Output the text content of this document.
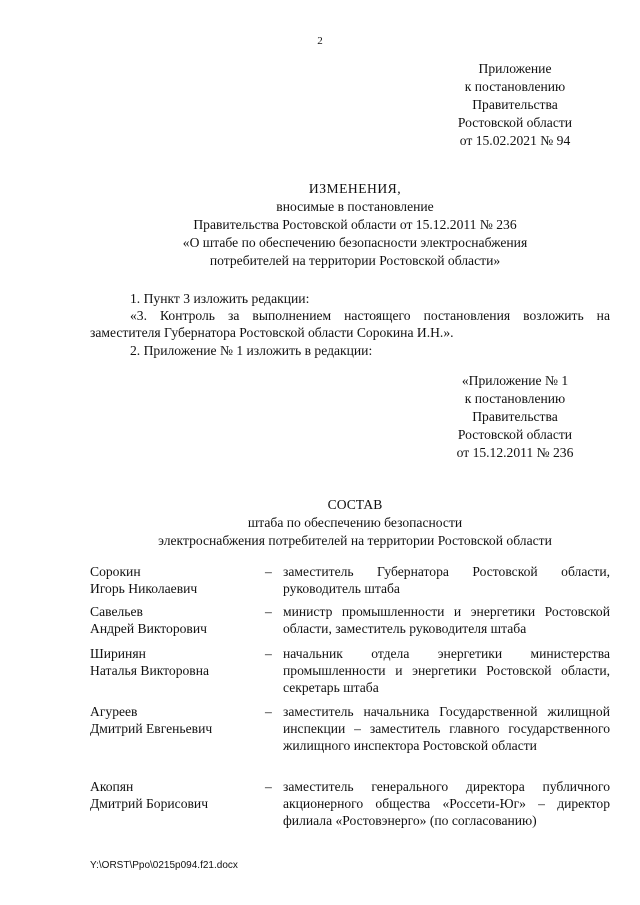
2
Приложение
к постановлению
Правительства
Ростовской области
от 15.02.2021 № 94
ИЗМЕНЕНИЯ,
вносимые в постановление
Правительства Ростовской области от 15.12.2011 № 236
«О штабе по обеспечению безопасности электроснабжения
потребителей на территории Ростовской области»
1. Пункт 3 изложить редакции:
«3. Контроль за выполнением настоящего постановления возложить на заместителя Губернатора Ростовской области Сорокина И.Н.».
2. Приложение № 1 изложить в редакции:
«Приложение № 1
к постановлению
Правительства
Ростовской области
от 15.12.2011 № 236
СОСТАВ
штаба по обеспечению безопасности
электроснабжения потребителей на территории Ростовской области
Сорокин
Игорь Николаевич
– заместитель Губернатора Ростовской области, руководитель штаба
Савельев
Андрей Викторович
– министр промышленности и энергетики Ростовской области, заместитель руководителя штаба
Ширинян
Наталья Викторовна
– начальник отдела энергетики министерства промышленности и энергетики Ростовской области, секретарь штаба
Агуреев
Дмитрий Евгеньевич
– заместитель начальника Государственной жилищной инспекции – заместитель главного государственного жилищного инспектора Ростовской области
Акопян
Дмитрий Борисович
– заместитель генерального директора публичного акционерного общества «Россети-Юг» – директор филиала «Ростовэнерго» (по согласованию)
Y:\ORST\Ppo\0215p094.f21.docx
